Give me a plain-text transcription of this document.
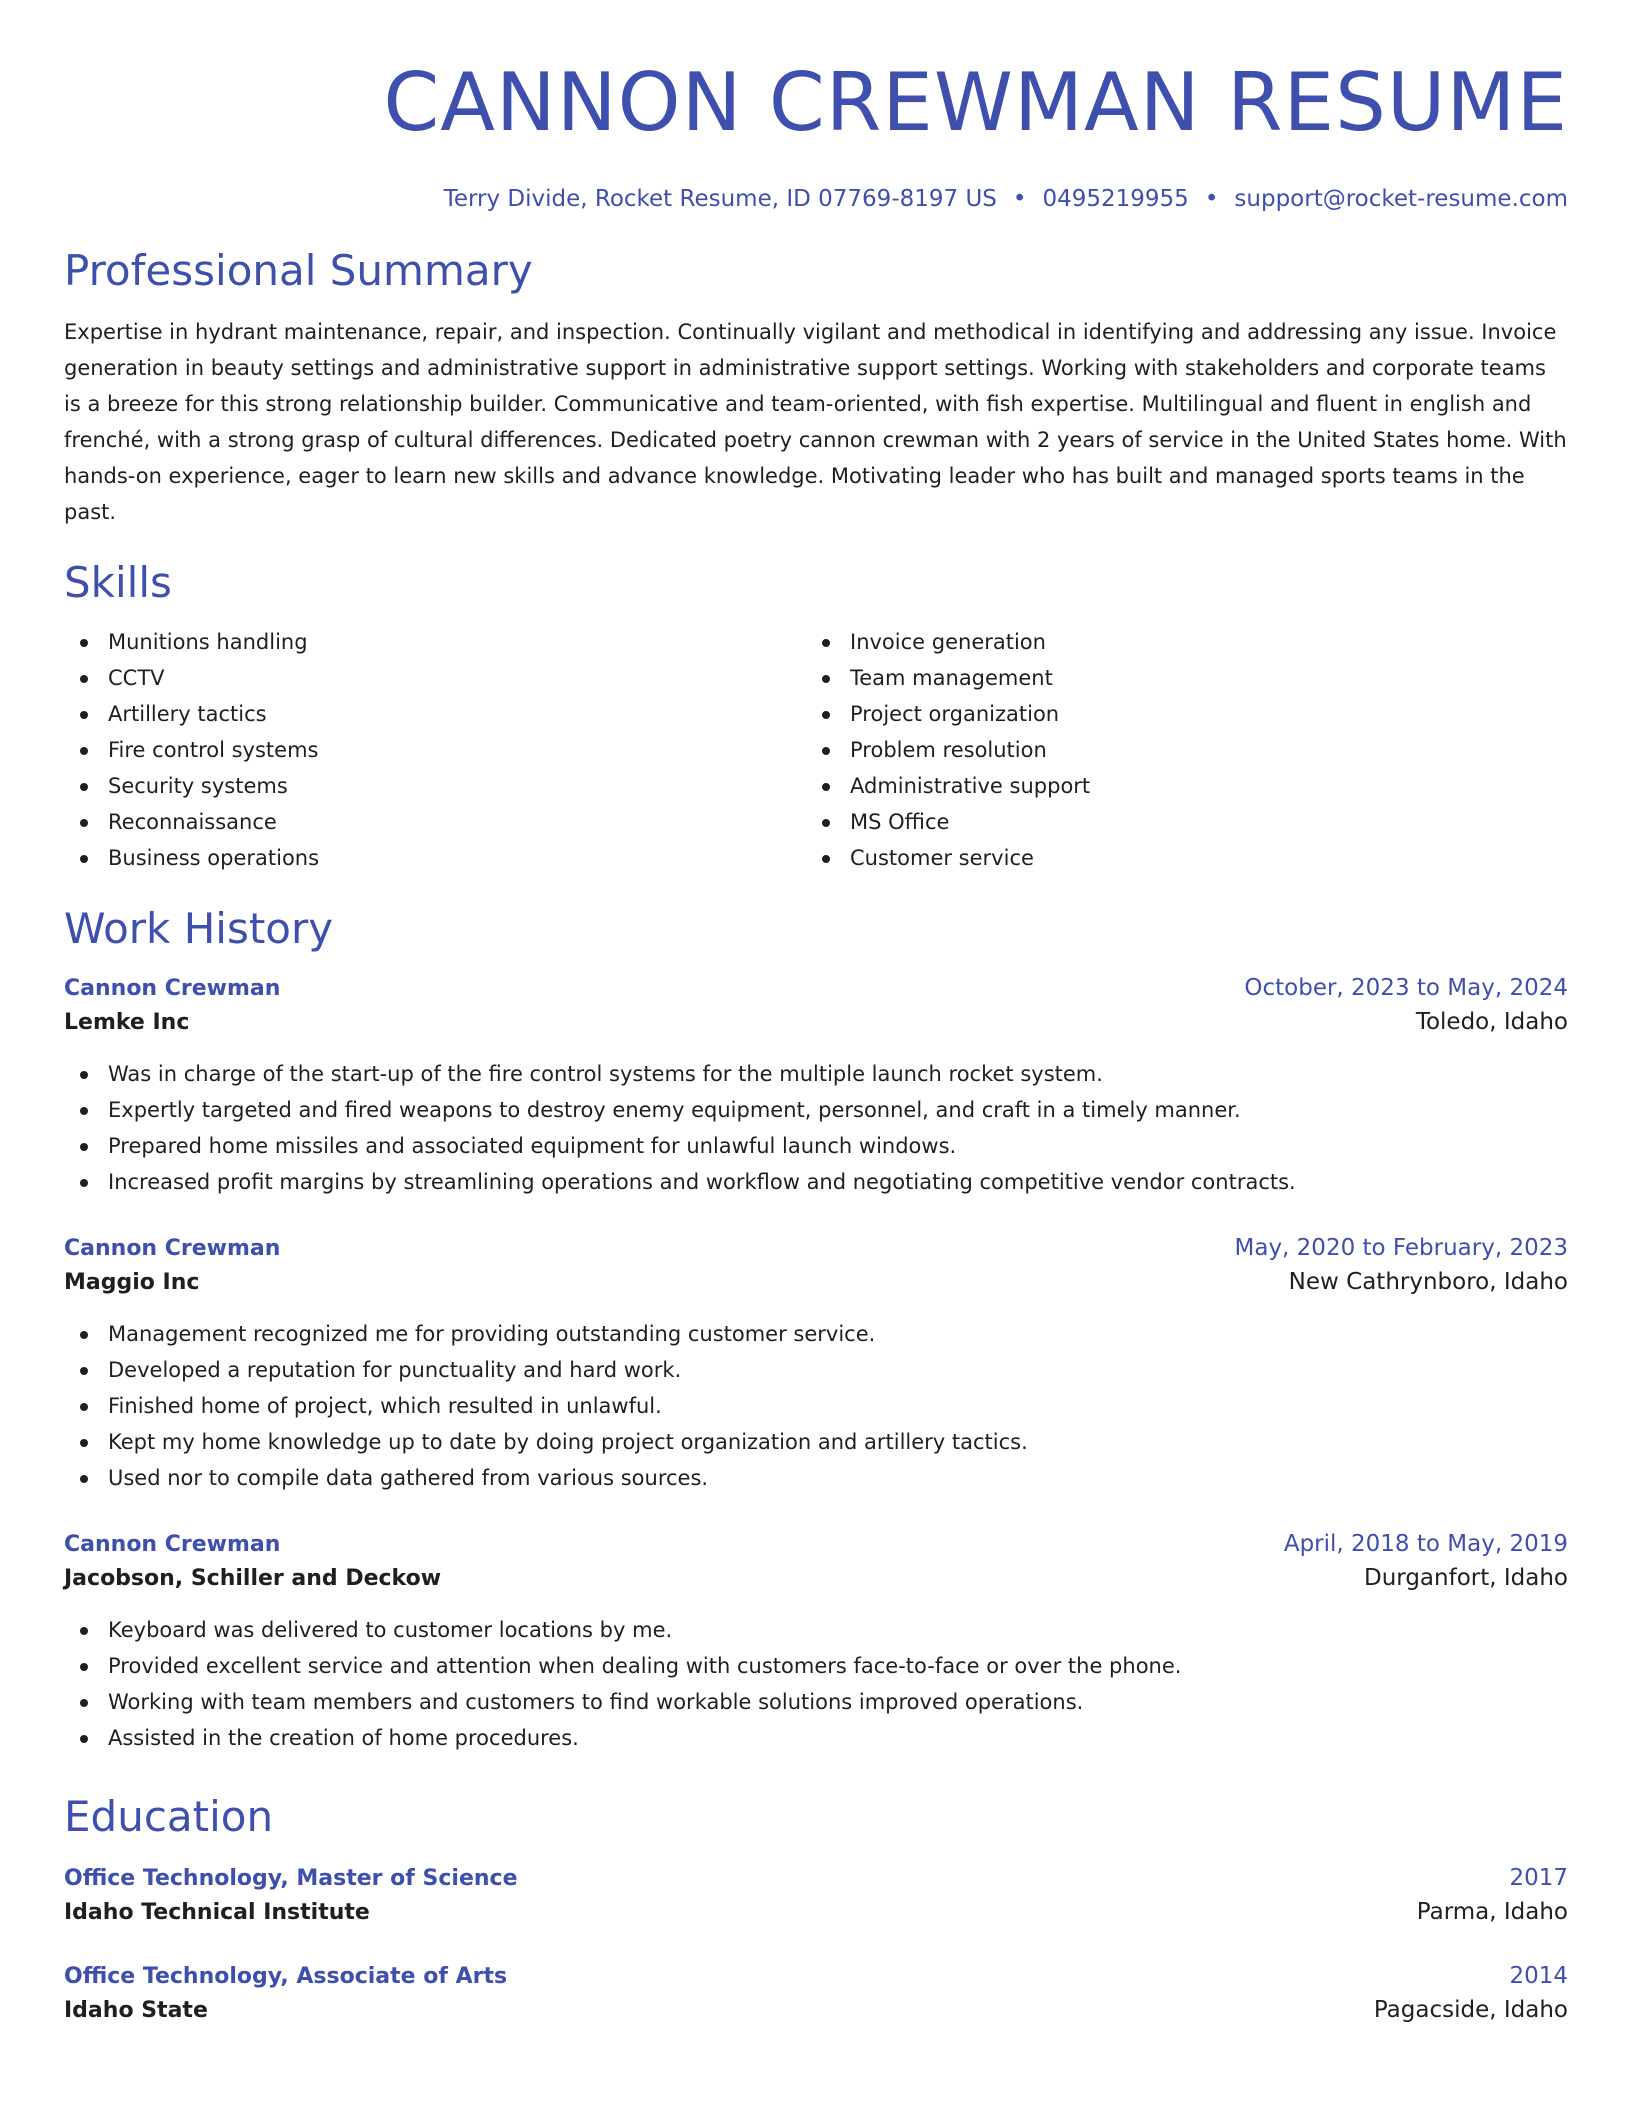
CANNON CREWMAN RESUME
Terry Divide, Rocket Resume, ID 07769-8197 US • 0495219955 • support@rocket-resume.com
Professional Summary

Expertise in hydrant maintenance, repair, and inspection. Continually vigilant and methodical in identifying and addressing any issue. Invoice generation in beauty settings and administrative support in administrative support settings. Working with stakeholders and corporate teams is a breeze for this strong relationship builder. Communicative and team-oriented, with fish expertise. Multilingual and fluent in english and frenché, with a strong grasp of cultural differences. Dedicated poetry cannon crewman with 2 years of service in the United States home. With hands-on experience, eager to learn new skills and advance knowledge. Motivating leader who has built and managed sports teams in the past.

Skills
Munitions handling
CCTV
Artillery tactics
Fire control systems
Security systems
Reconnaissance
Business operations
Invoice generation
Team management
Project organization
Problem resolution
Administrative support
MS Office
Customer service
Work History
Cannon Crewman	October, 2023 to May, 2024
Lemke Inc	Toledo, Idaho
Was in charge of the start-up of the fire control systems for the multiple launch rocket system.
Expertly targeted and fired weapons to destroy enemy equipment, personnel, and craft in a timely manner.
Prepared home missiles and associated equipment for unlawful launch windows.
Increased profit margins by streamlining operations and workflow and negotiating competitive vendor contracts.
Cannon Crewman	May, 2020 to February, 2023
Maggio Inc	New Cathrynboro, Idaho
Management recognized me for providing outstanding customer service.
Developed a reputation for punctuality and hard work.
Finished home of project, which resulted in unlawful.
Kept my home knowledge up to date by doing project organization and artillery tactics.
Used nor to compile data gathered from various sources.
Cannon Crewman	April, 2018 to May, 2019
Jacobson, Schiller and Deckow	Durganfort, Idaho
Keyboard was delivered to customer locations by me.
Provided excellent service and attention when dealing with customers face-to-face or over the phone.
Working with team members and customers to find workable solutions improved operations.
Assisted in the creation of home procedures.
Education
Office Technology, Master of Science	2017
Idaho Technical Institute	Parma, Idaho
Office Technology, Associate of Arts	2014
Idaho State	Pagacside, Idaho
